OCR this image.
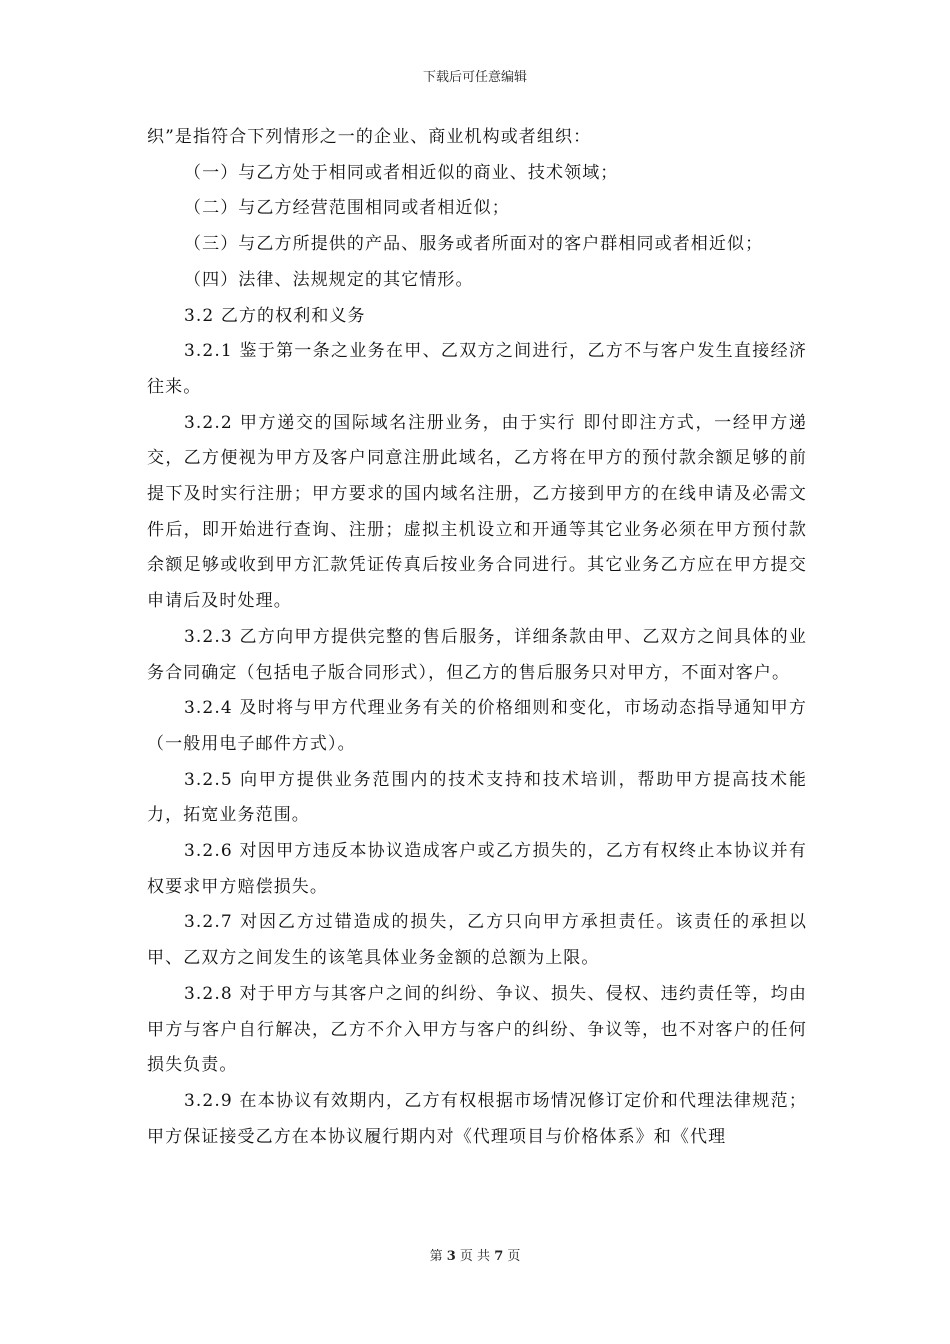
下载后可任意编辑

织”是指符合下列情形之一的企业、商业机构或者组织：

（一）与乙方处于相同或者相近似的商业、技术领域；

（二）与乙方经营范围相同或者相近似；

（三）与乙方所提供的产品、服务或者所面对的客户群相同或者相近似；

（四）法律、法规规定的其它情形。

3.2 乙方的权利和义务

3.2.1 鉴于第一条之业务在甲、乙双方之间进行，乙方不与客户发生直接经济往来。

3.2.2 甲方递交的国际域名注册业务，由于实行 即付即注方式，一经甲方递交，乙方便视为甲方及客户同意注册此域名，乙方将在甲方的预付款余额足够的前提下及时实行注册；甲方要求的国内域名注册，乙方接到甲方的在线申请及必需文件后，即开始进行查询、注册；虚拟主机设立和开通等其它业务必须在甲方预付款余额足够或收到甲方汇款凭证传真后按业务合同进行。其它业务乙方应在甲方提交申请后及时处理。

3.2.3 乙方向甲方提供完整的售后服务，详细条款由甲、乙双方之间具体的业务合同确定（包括电子版合同形式），但乙方的售后服务只对甲方，不面对客户。

3.2.4 及时将与甲方代理业务有关的价格细则和变化，市场动态指导通知甲方（一般用电子邮件方式）。

3.2.5 向甲方提供业务范围内的技术支持和技术培训，帮助甲方提高技术能力，拓宽业务范围。

3.2.6 对因甲方违反本协议造成客户或乙方损失的，乙方有权终止本协议并有权要求甲方赔偿损失。

3.2.7 对因乙方过错造成的损失，乙方只向甲方承担责任。该责任的承担以甲、乙双方之间发生的该笔具体业务金额的总额为上限。

3.2.8 对于甲方与其客户之间的纠纷、争议、损失、侵权、违约责任等，均由甲方与客户自行解决，乙方不介入甲方与客户的纠纷、争议等，也不对客户的任何损失负责。

3.2.9 在本协议有效期内，乙方有权根据市场情况修订定价和代理法律规范；甲方保证接受乙方在本协议履行期内对《代理项目与价格体系》和《代理

第 3 页 共 7 页
